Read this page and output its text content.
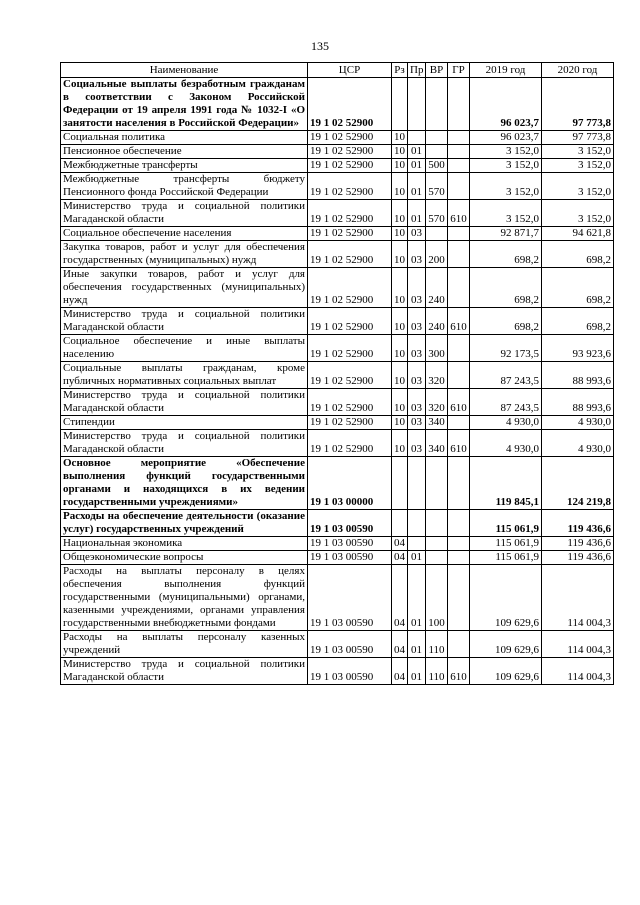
135
Наименование	ЦСР	Рз	Пр	ВР	ГР	2019 год	2020 год
Социальные выплаты безработным гражданам в соответствии с Законом Российской Федерации от 19 апреля 1991 года № 1032-I «О занятости населения в Российской Федерации»	19 1 02 52900					96 023,7	97 773,8
Социальная политика	19 1 02 52900	10				96 023,7	97 773,8
Пенсионное обеспечение	19 1 02 52900	10	01			3 152,0	3 152,0
Межбюджетные трансферты	19 1 02 52900	10	01	500		3 152,0	3 152,0
Межбюджетные трансферты бюджету Пенсионного фонда Российской Федерации	19 1 02 52900	10	01	570		3 152,0	3 152,0
Министерство труда и социальной политики Магаданской области	19 1 02 52900	10	01	570	610	3 152,0	3 152,0
Социальное обеспечение населения	19 1 02 52900	10	03			92 871,7	94 621,8
Закупка товаров, работ и услуг для обеспечения государственных (муниципальных) нужд	19 1 02 52900	10	03	200		698,2	698,2
Иные закупки товаров, работ и услуг для обеспечения государственных (муниципальных) нужд	19 1 02 52900	10	03	240		698,2	698,2
Министерство труда и социальной политики Магаданской области	19 1 02 52900	10	03	240	610	698,2	698,2
Социальное обеспечение и иные выплаты населению	19 1 02 52900	10	03	300		92 173,5	93 923,6
Социальные выплаты гражданам, кроме публичных нормативных социальных выплат	19 1 02 52900	10	03	320		87 243,5	88 993,6
Министерство труда и социальной политики Магаданской области	19 1 02 52900	10	03	320	610	87 243,5	88 993,6
Стипендии	19 1 02 52900	10	03	340		4 930,0	4 930,0
Министерство труда и социальной политики Магаданской области	19 1 02 52900	10	03	340	610	4 930,0	4 930,0
Основное мероприятие «Обеспечение выполнения функций государственными органами и находящихся в их ведении государственными учреждениями»	19 1 03 00000					119 845,1	124 219,8
Расходы на обеспечение деятельности (оказание услуг) государственных учреждений	19 1 03 00590					115 061,9	119 436,6
Национальная экономика	19 1 03 00590	04				115 061,9	119 436,6
Общеэкономические вопросы	19 1 03 00590	04	01			115 061,9	119 436,6
Расходы на выплаты персоналу в целях обеспечения выполнения функций государственными (муниципальными) органами, казенными учреждениями, органами управления государственными внебюджетными фондами	19 1 03 00590	04	01	100		109 629,6	114 004,3
Расходы на выплаты персоналу казенных учреждений	19 1 03 00590	04	01	110		109 629,6	114 004,3
Министерство труда и социальной политики Магаданской области	19 1 03 00590	04	01	110	610	109 629,6	114 004,3
